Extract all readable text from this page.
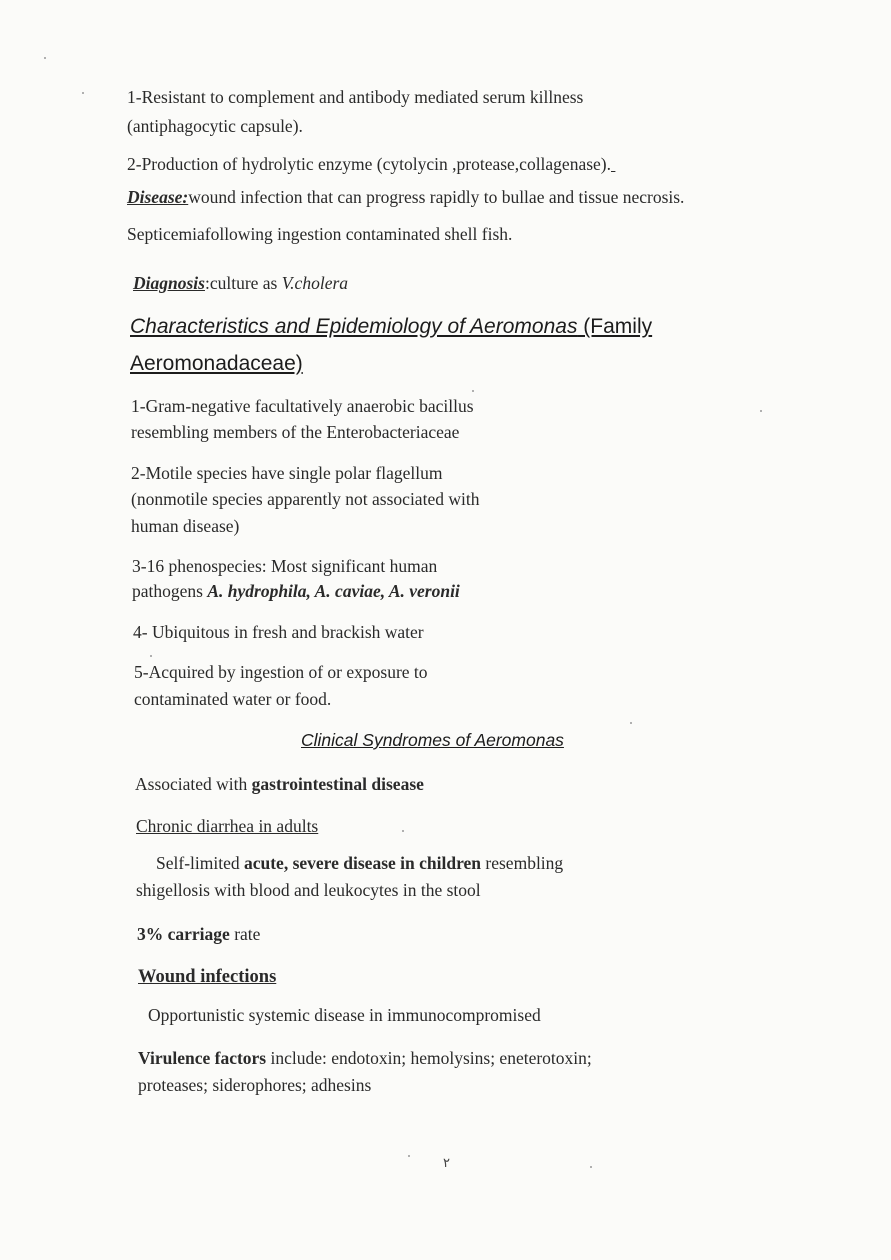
1-Resistant to complement and antibody mediated serum killness
(antiphagocytic capsule).
2-Production of hydrolytic enzyme (cytolycin ,protease,collagenase).
Disease:wound infection that can progress rapidly to bullae and tissue necrosis.
Septicemiafollowing ingestion contaminated shell fish.
Diagnosis:culture as V.cholera
Characteristics and Epidemiology of Aeromonas (Family
Aeromonadaceae)
1-Gram-negative facultatively anaerobic bacillus
resembling members of the Enterobacteriaceae
2-Motile species have single polar flagellum
(nonmotile species apparently not associated with
human disease)
3-16 phenospecies: Most significant human
pathogens A. hydrophila, A. caviae, A. veronii
4- Ubiquitous in fresh and brackish water
5-Acquired by ingestion of or exposure to
contaminated water or food.
Clinical Syndromes of Aeromonas
Associated with gastrointestinal disease
Chronic diarrhea in adults
Self-limited acute, severe disease in children resembling
shigellosis with blood and leukocytes in the stool
3% carriage rate
Wound infections
Opportunistic systemic disease in immunocompromised
Virulence factors include: endotoxin; hemolysins; eneterotoxin;
proteases; siderophores; adhesins
٢
